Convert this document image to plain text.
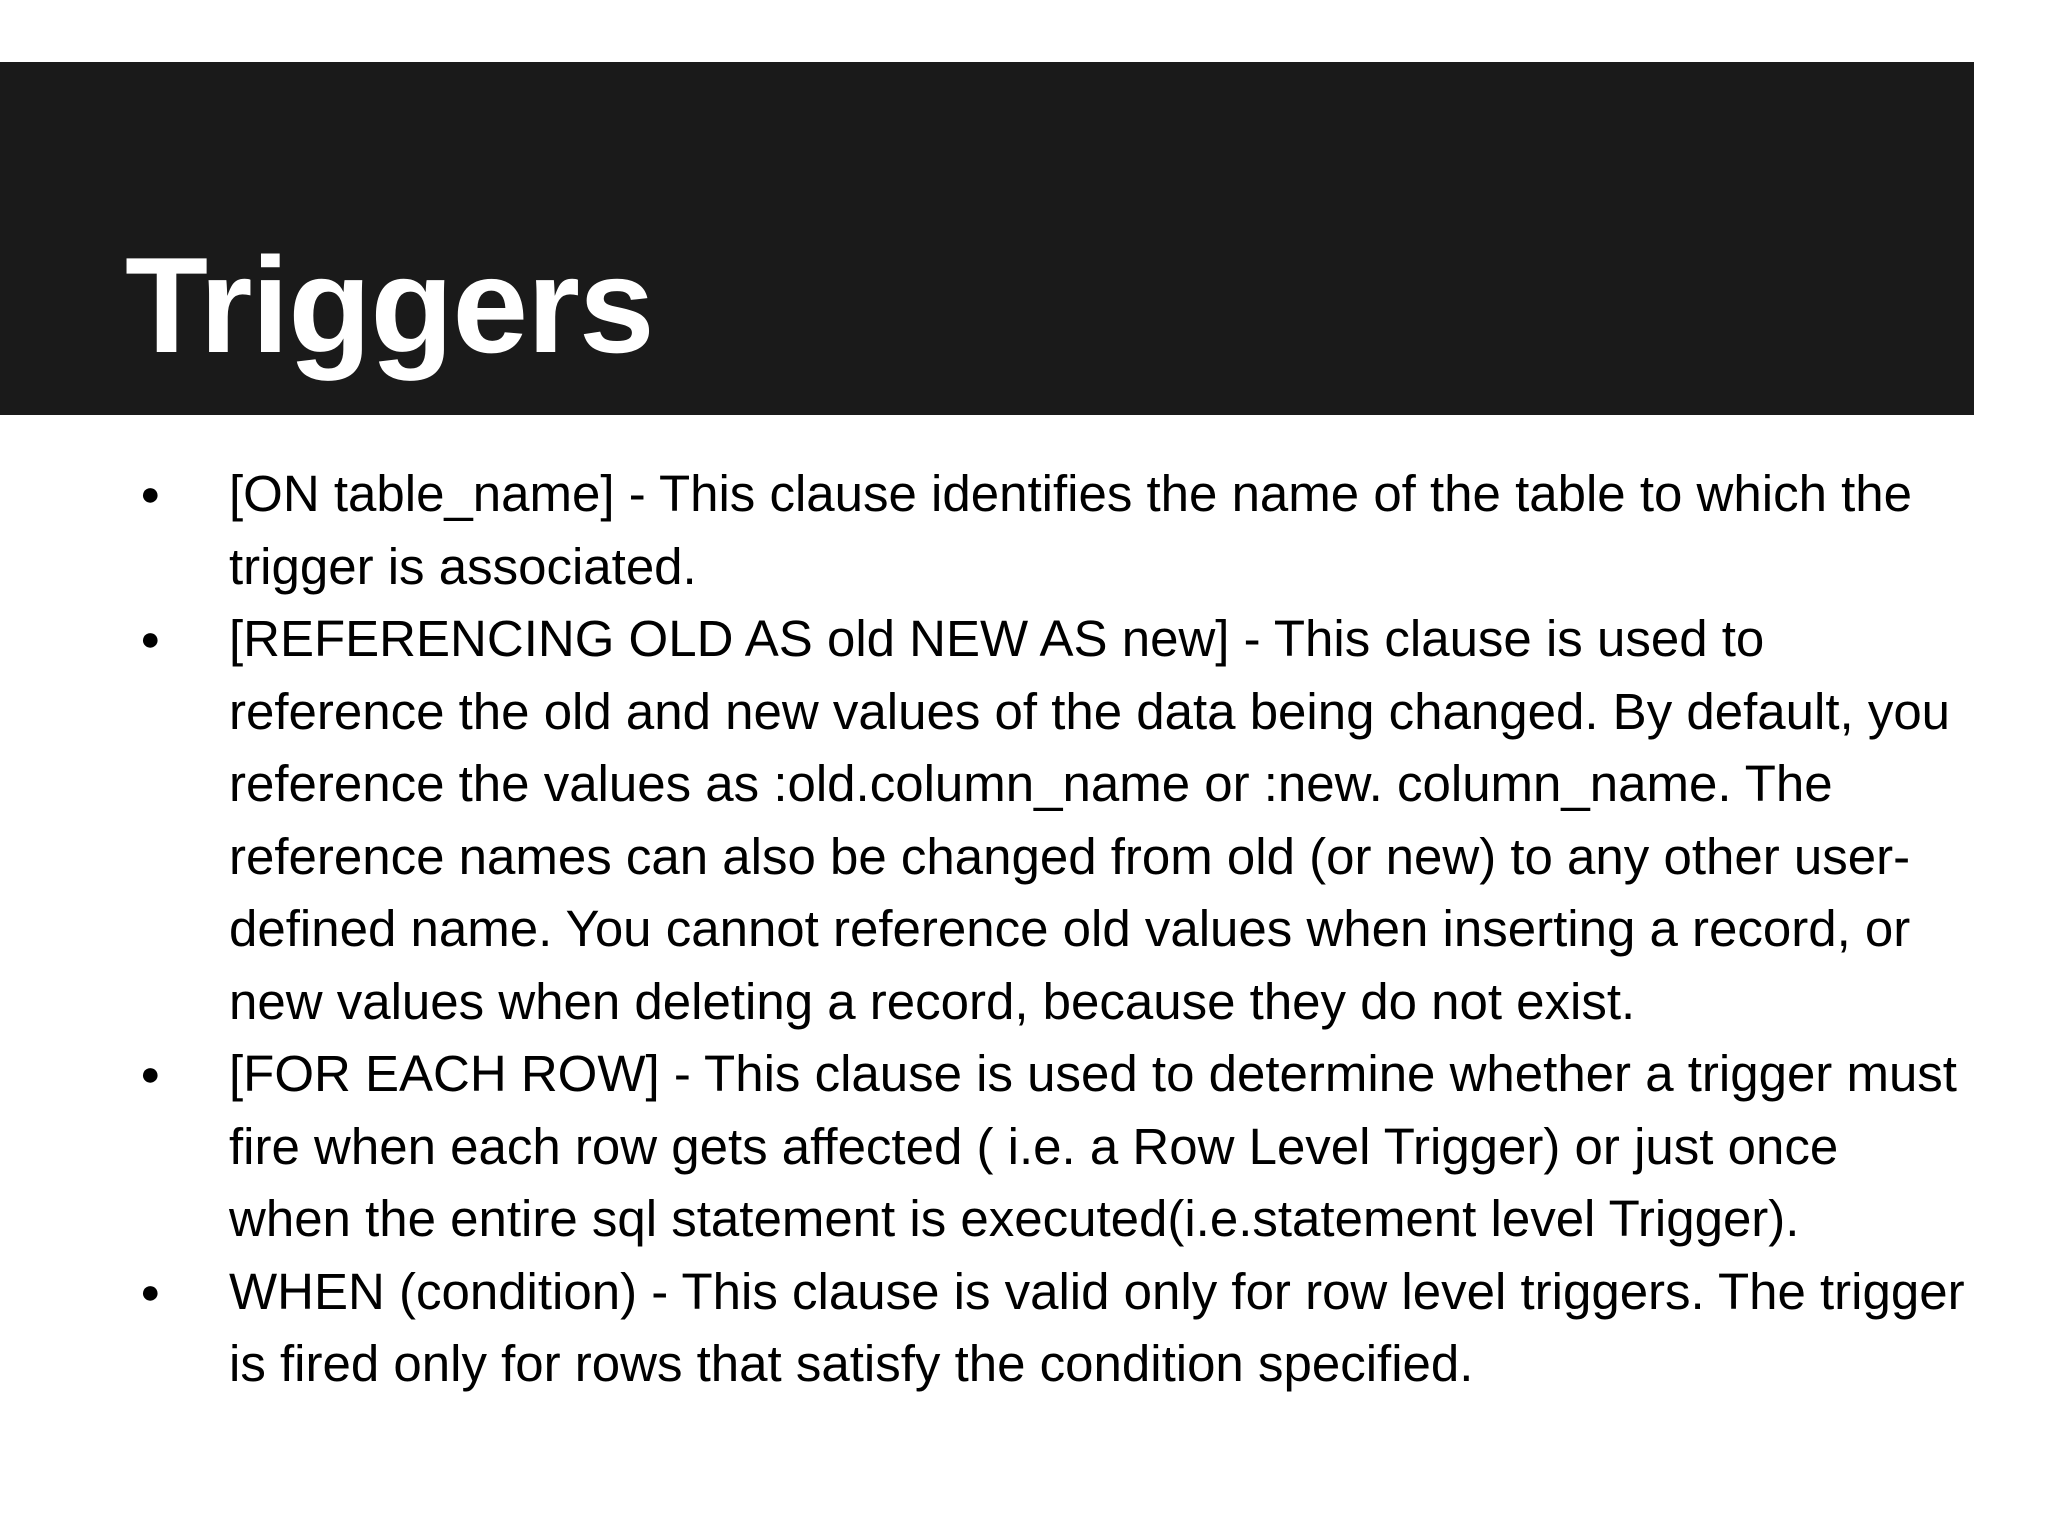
Triggers
●	[ON table_name] - This clause identifies the name of the table to which the trigger is associated.
●	[REFERENCING OLD AS old NEW AS new] - This clause is used to reference the old and new values of the data being changed. By default, you reference the values as :old.column_name or :new. column_name. The reference names can also be changed from old (or new) to any other user-defined name. You cannot reference old values when inserting a record, or new values when deleting a record, because they do not exist.
●	[FOR EACH ROW] - This clause is used to determine whether a trigger must fire when each row gets affected ( i.e. a Row Level Trigger) or just once when the entire sql statement is executed(i.e.statement level Trigger).
●	WHEN (condition) - This clause is valid only for row level triggers. The trigger is fired only for rows that satisfy the condition specified.
